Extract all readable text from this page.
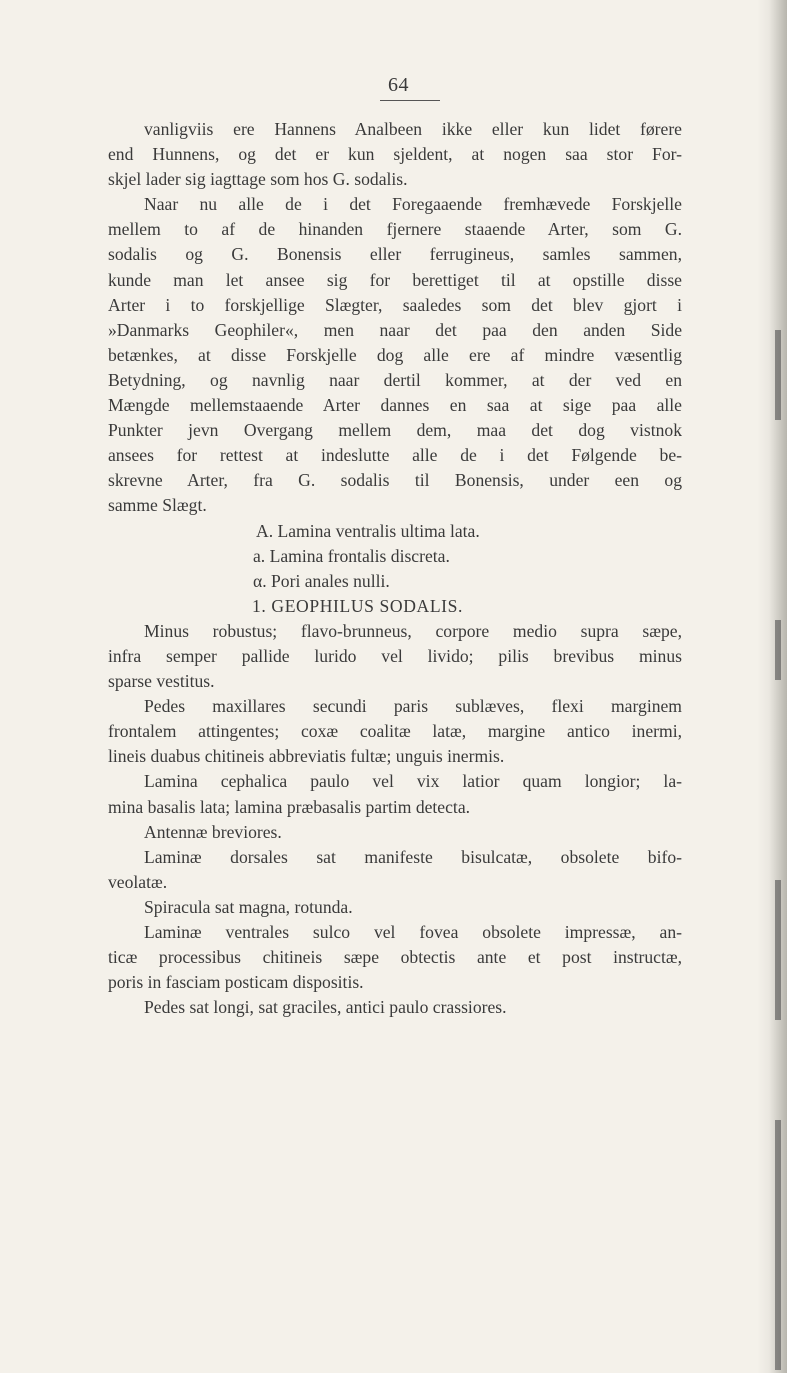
64
vanligviis ere Hannens Analbeen ikke eller kun lidet førere
end Hunnens, og det er kun sjeldent, at nogen saa stor For-
skjel lader sig iagttage som hos G. sodalis.
Naar nu alle de i det Foregaaende fremhævede Forskjelle
mellem to af de hinanden fjernere staaende Arter, som G.
sodalis og G. Bonensis eller ferrugineus, samles sammen,
kunde man let ansee sig for berettiget til at opstille disse
Arter i to forskjellige Slægter, saaledes som det blev gjort i
»Danmarks Geophiler«, men naar det paa den anden Side
betænkes, at disse Forskjelle dog alle ere af mindre væsentlig
Betydning, og navnlig naar dertil kommer, at der ved en
Mængde mellemstaaende Arter dannes en saa at sige paa alle
Punkter jevn Overgang mellem dem, maa det dog vistnok
ansees for rettest at indeslutte alle de i det Følgende be-
skrevne Arter, fra G. sodalis til Bonensis, under een og
samme Slægt.
A. Lamina ventralis ultima lata.
a. Lamina frontalis discreta.
α. Pori anales nulli.
1. GEOPHILUS SODALIS.
Minus robustus; flavo-brunneus, corpore medio supra sæpe,
infra semper pallide lurido vel livido; pilis brevibus minus
sparse vestitus.
Pedes maxillares secundi paris sublæves, flexi marginem
frontalem attingentes; coxæ coalitæ latæ, margine antico inermi,
lineis duabus chitineis abbreviatis fultæ; unguis inermis.
Lamina cephalica paulo vel vix latior quam longior; la-
mina basalis lata; lamina præbasalis partim detecta.
Antennæ breviores.
Laminæ dorsales sat manifeste bisulcatæ, obsolete bifo-
veolatæ.
Spiracula sat magna, rotunda.
Laminæ ventrales sulco vel fovea obsolete impressæ, an-
ticæ processibus chitineis sæpe obtectis ante et post instructæ,
poris in fasciam posticam dispositis.
Pedes sat longi, sat graciles, antici paulo crassiores.
